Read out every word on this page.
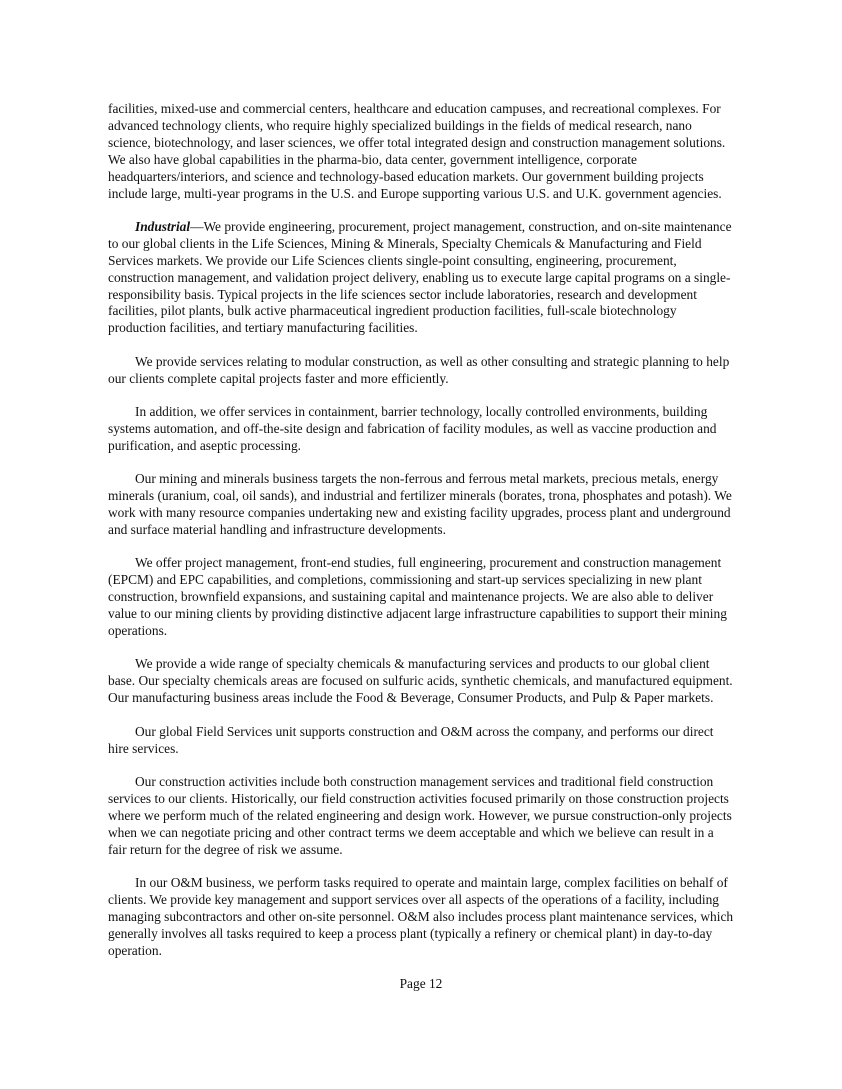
facilities, mixed-use and commercial centers, healthcare and education campuses, and recreational complexes. For advanced technology clients, who require highly specialized buildings in the fields of medical research, nano science, biotechnology, and laser sciences, we offer total integrated design and construction management solutions. We also have global capabilities in the pharma-bio, data center, government intelligence, corporate headquarters/interiors, and science and technology-based education markets. Our government building projects include large, multi-year programs in the U.S. and Europe supporting various U.S. and U.K. government agencies.

Industrial—We provide engineering, procurement, project management, construction, and on-site maintenance to our global clients in the Life Sciences, Mining & Minerals, Specialty Chemicals & Manufacturing and Field Services markets. We provide our Life Sciences clients single-point consulting, engineering, procurement, construction management, and validation project delivery, enabling us to execute large capital programs on a single-responsibility basis. Typical projects in the life sciences sector include laboratories, research and development facilities, pilot plants, bulk active pharmaceutical ingredient production facilities, full-scale biotechnology production facilities, and tertiary manufacturing facilities.

We provide services relating to modular construction, as well as other consulting and strategic planning to help our clients complete capital projects faster and more efficiently.

In addition, we offer services in containment, barrier technology, locally controlled environments, building systems automation, and off-the-site design and fabrication of facility modules, as well as vaccine production and purification, and aseptic processing.

Our mining and minerals business targets the non-ferrous and ferrous metal markets, precious metals, energy minerals (uranium, coal, oil sands), and industrial and fertilizer minerals (borates, trona, phosphates and potash). We work with many resource companies undertaking new and existing facility upgrades, process plant and underground and surface material handling and infrastructure developments.

We offer project management, front-end studies, full engineering, procurement and construction management (EPCM) and EPC capabilities, and completions, commissioning and start-up services specializing in new plant construction, brownfield expansions, and sustaining capital and maintenance projects. We are also able to deliver value to our mining clients by providing distinctive adjacent large infrastructure capabilities to support their mining operations.

We provide a wide range of specialty chemicals & manufacturing services and products to our global client base. Our specialty chemicals areas are focused on sulfuric acids, synthetic chemicals, and manufactured equipment. Our manufacturing business areas include the Food & Beverage, Consumer Products, and Pulp & Paper markets.

Our global Field Services unit supports construction and O&M across the company, and performs our direct hire services.

Our construction activities include both construction management services and traditional field construction services to our clients. Historically, our field construction activities focused primarily on those construction projects where we perform much of the related engineering and design work. However, we pursue construction-only projects when we can negotiate pricing and other contract terms we deem acceptable and which we believe can result in a fair return for the degree of risk we assume.

In our O&M business, we perform tasks required to operate and maintain large, complex facilities on behalf of clients. We provide key management and support services over all aspects of the operations of a facility, including managing subcontractors and other on-site personnel. O&M also includes process plant maintenance services, which generally involves all tasks required to keep a process plant (typically a refinery or chemical plant) in day-to-day operation.

Page 12
